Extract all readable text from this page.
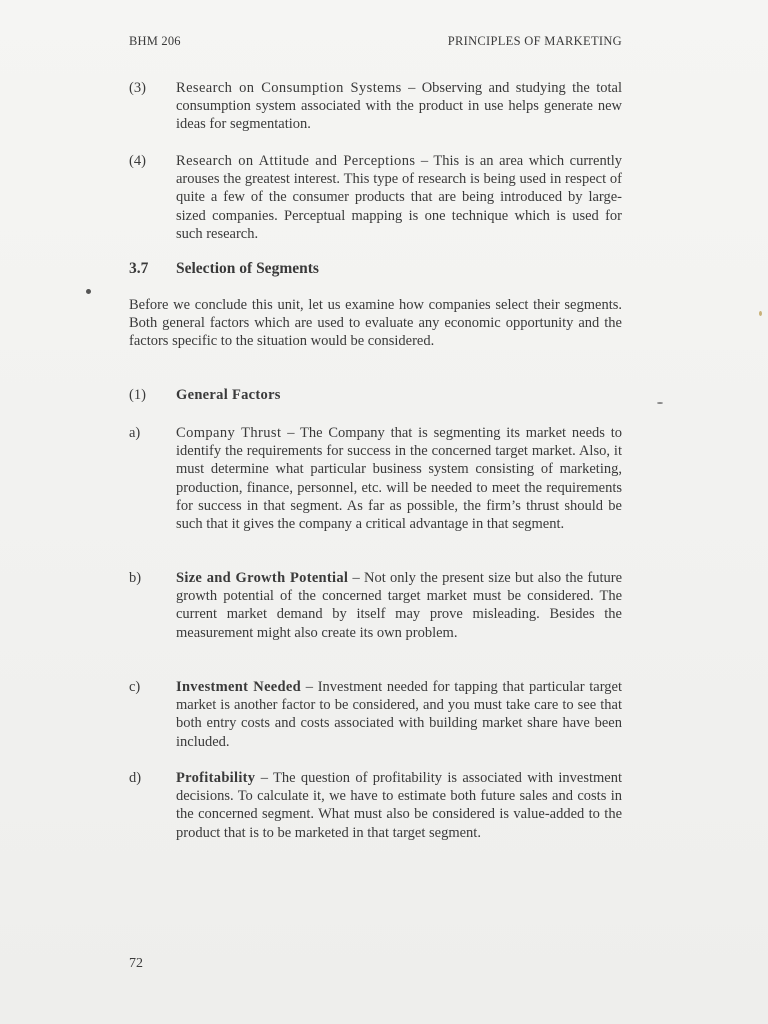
BHM 206	PRINCIPLES OF MARKETING
(3)	Research on Consumption Systems – Observing and studying the total consumption system associated with the product in use helps generate new ideas for segmentation.
(4)	Research on Attitude and Perceptions – This is an area which currently arouses the greatest interest. This type of research is being used in respect of quite a few of the consumer products that are being introduced by large-sized companies. Perceptual mapping is one technique which is used for such research.
3.7	Selection of Segments
Before we conclude this unit, let us examine how companies select their segments. Both general factors which are used to evaluate any economic opportunity and the factors specific to the situation would be considered.
(1)	General Factors
a)	Company Thrust – The Company that is segmenting its market needs to identify the requirements for success in the concerned target market. Also, it must determine what particular business system consisting of marketing, production, finance, personnel, etc. will be needed to meet the requirements for success in that segment. As far as possible, the firm’s thrust should be such that it gives the company a critical advantage in that segment.
b)	Size and Growth Potential – Not only the present size but also the future growth potential of the concerned target market must be considered. The current market demand by itself may prove misleading. Besides the measurement might also create its own problem.
c)	Investment Needed – Investment needed for tapping that particular target market is another factor to be considered, and you must take care to see that both entry costs and costs associated with building market share have been included.
d)	Profitability – The question of profitability is associated with investment decisions. To calculate it, we have to estimate both future sales and costs in the concerned segment. What must also be considered is value-added to the product that is to be marketed in that target segment.
72
